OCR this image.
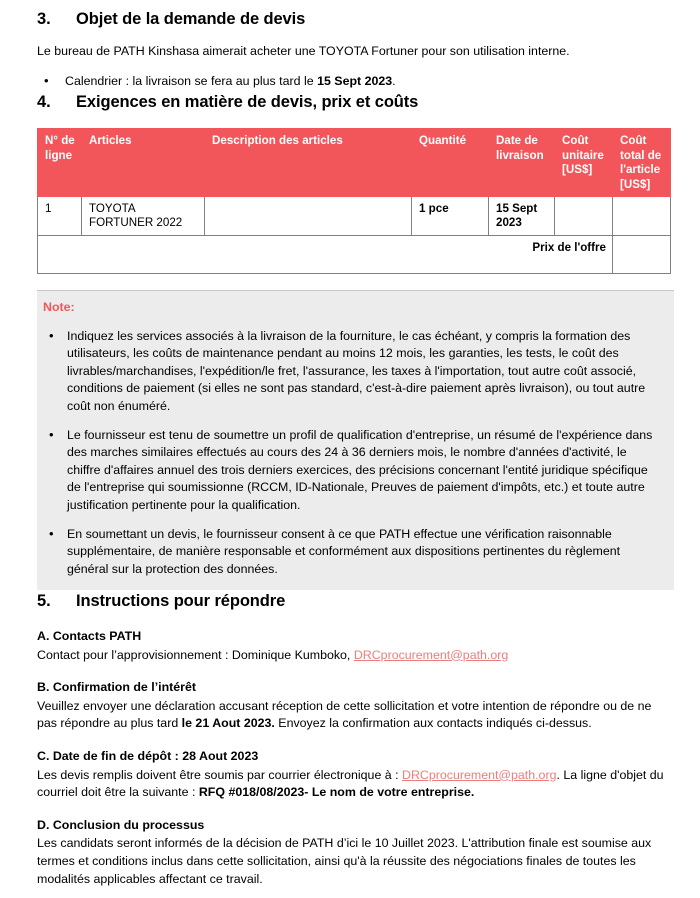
3.	Objet de la demande de devis

Le bureau de PATH Kinshasa aimerait acheter une TOYOTA Fortuner pour son utilisation interne.

• Calendrier : la livraison se fera au plus tard le 15 Sept 2023.
4.	Exigences en matière de devis, prix et coûts
N° de ligne	Articles	Description des articles	Quantité	Date de livraison	Coût unitaire [US$]	Coût total de l'article [US$]
1	TOYOTA FORTUNER 2022		1 pce	15 Sept 2023		
Prix de l'offre						

Note:

• Indiquez les services associés à la livraison de la fourniture, le cas échéant, y compris la formation des utilisateurs, les coûts de maintenance pendant au moins 12 mois, les garanties, les tests, le coût des livrables/marchandises, l'expédition/le fret, l'assurance, les taxes à l'importation, tout autre coût associé, conditions de paiement (si elles ne sont pas standard, c'est-à-dire paiement après livraison), ou tout autre coût non énuméré.
• Le fournisseur est tenu de soumettre un profil de qualification d'entreprise, un résumé de l'expérience dans des marches similaires effectués au cours des 24 à 36 derniers mois, le nombre d'années d'activité, le chiffre d'affaires annuel des trois derniers exercices, des précisions concernant l'entité juridique spécifique de l'entreprise qui soumissionne (RCCM, ID-Nationale, Preuves de paiement d'impôts, etc.) et toute autre justification pertinente pour la qualification.
• En soumettant un devis, le fournisseur consent à ce que PATH effectue une vérification raisonnable supplémentaire, de manière responsable et conformément aux dispositions pertinentes du règlement général sur la protection des données.
5.	Instructions pour répondre

A. Contacts PATH

Contact pour l’approvisionnement : Dominique Kumboko, DRCprocurement@path.org

B. Confirmation de l’intérêt

Veuillez envoyer une déclaration accusant réception de cette sollicitation et votre intention de répondre ou de ne pas répondre au plus tard le 21 Aout 2023. Envoyez la confirmation aux contacts indiqués ci-dessus.

C. Date de fin de dépôt : 28 Aout 2023

Les devis remplis doivent être soumis par courrier électronique à : DRCprocurement@path.org. La ligne d'objet du courriel doit être la suivante : RFQ #018/08/2023- Le nom de votre entreprise.

D. Conclusion du processus

Les candidats seront informés de la décision de PATH d’ici le 10 Juillet 2023. L'attribution finale est soumise aux termes et conditions inclus dans cette sollicitation, ainsi qu'à la réussite des négociations finales de toutes les modalités applicables affectant ce travail.
